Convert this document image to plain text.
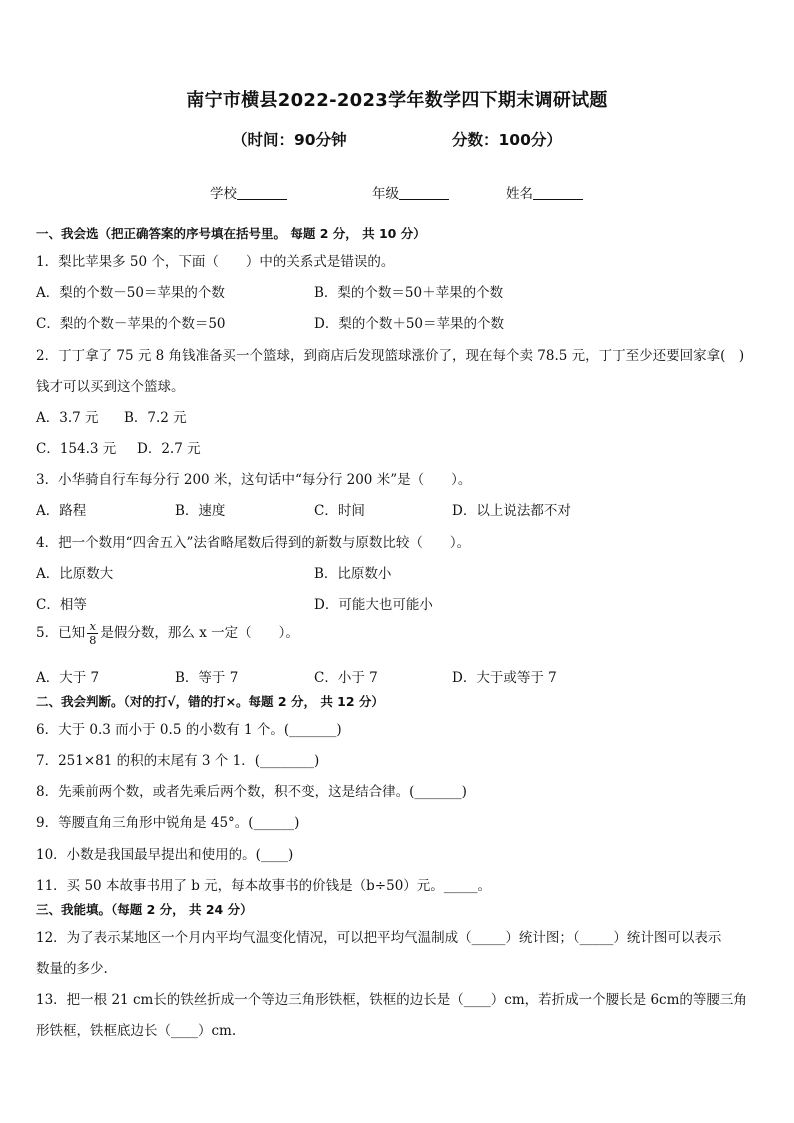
南宁市横县2022-2023学年数学四下期末调研试题
（时间：90分钟	分数：100分）
学校	年级	姓名
一、我会选（把正确答案的序号填在括号里。 每题 2 分， 共 10 分）
1．梨比苹果多 50 个，下面（　　）中的关系式是错误的。
A．梨的个数－50＝苹果的个数	B．梨的个数＝50＋苹果的个数
C．梨的个数－苹果的个数＝50	D．梨的个数＋50＝苹果的个数
2．丁丁拿了 75 元 8 角钱准备买一个篮球，到商店后发现篮球涨价了，现在每个卖 78.5 元，丁丁至少还要回家拿(　)
钱才可以买到这个篮球。
A．3.7 元 B．7.2 元
C．154.3 元 D．2.7 元
3．小华骑自行车每分行 200 米，这句话中“每分行 200 米”是（　　）。
A．路程	B．速度	C．时间	D．以上说法都不对
4．把一个数用“四舍五入”法省略尾数后得到的新数与原数比较（　　）。
A．比原数大	B．比原数小
C．相等	D．可能大也可能小
5．已知 $\frac{x}{8}$ 是假分数，那么 x 一定（　　）。
A．大于 7	B．等于 7	C．小于 7	D．大于或等于 7
二、我会判断。（对的打√，错的打×。每题 2 分， 共 12 分）
6．大于 0.3 而小于 0.5 的小数有 1 个。(_______)
7．251×81 的积的末尾有 3 个 1．(________)
8．先乘前两个数，或者先乘后两个数，积不变，这是结合律。(_______)
9．等腰直角三角形中锐角是 45°。(______)
10．小数是我国最早提出和使用的。(____)
11．买 50 本故事书用了 b 元，每本故事书的价钱是（b÷50）元。_____。
三、我能填。（每题 2 分， 共 24 分）
12．为了表示某地区一个月内平均气温变化情况，可以把平均气温制成（_____）统计图；（_____）统计图可以表示
数量的多少.
13．把一根 21 cm长的铁丝折成一个等边三角形铁框，铁框的边长是（____）cm，若折成一个腰长是 6cm的等腰三角
形铁框，铁框底边长（____）cm.
